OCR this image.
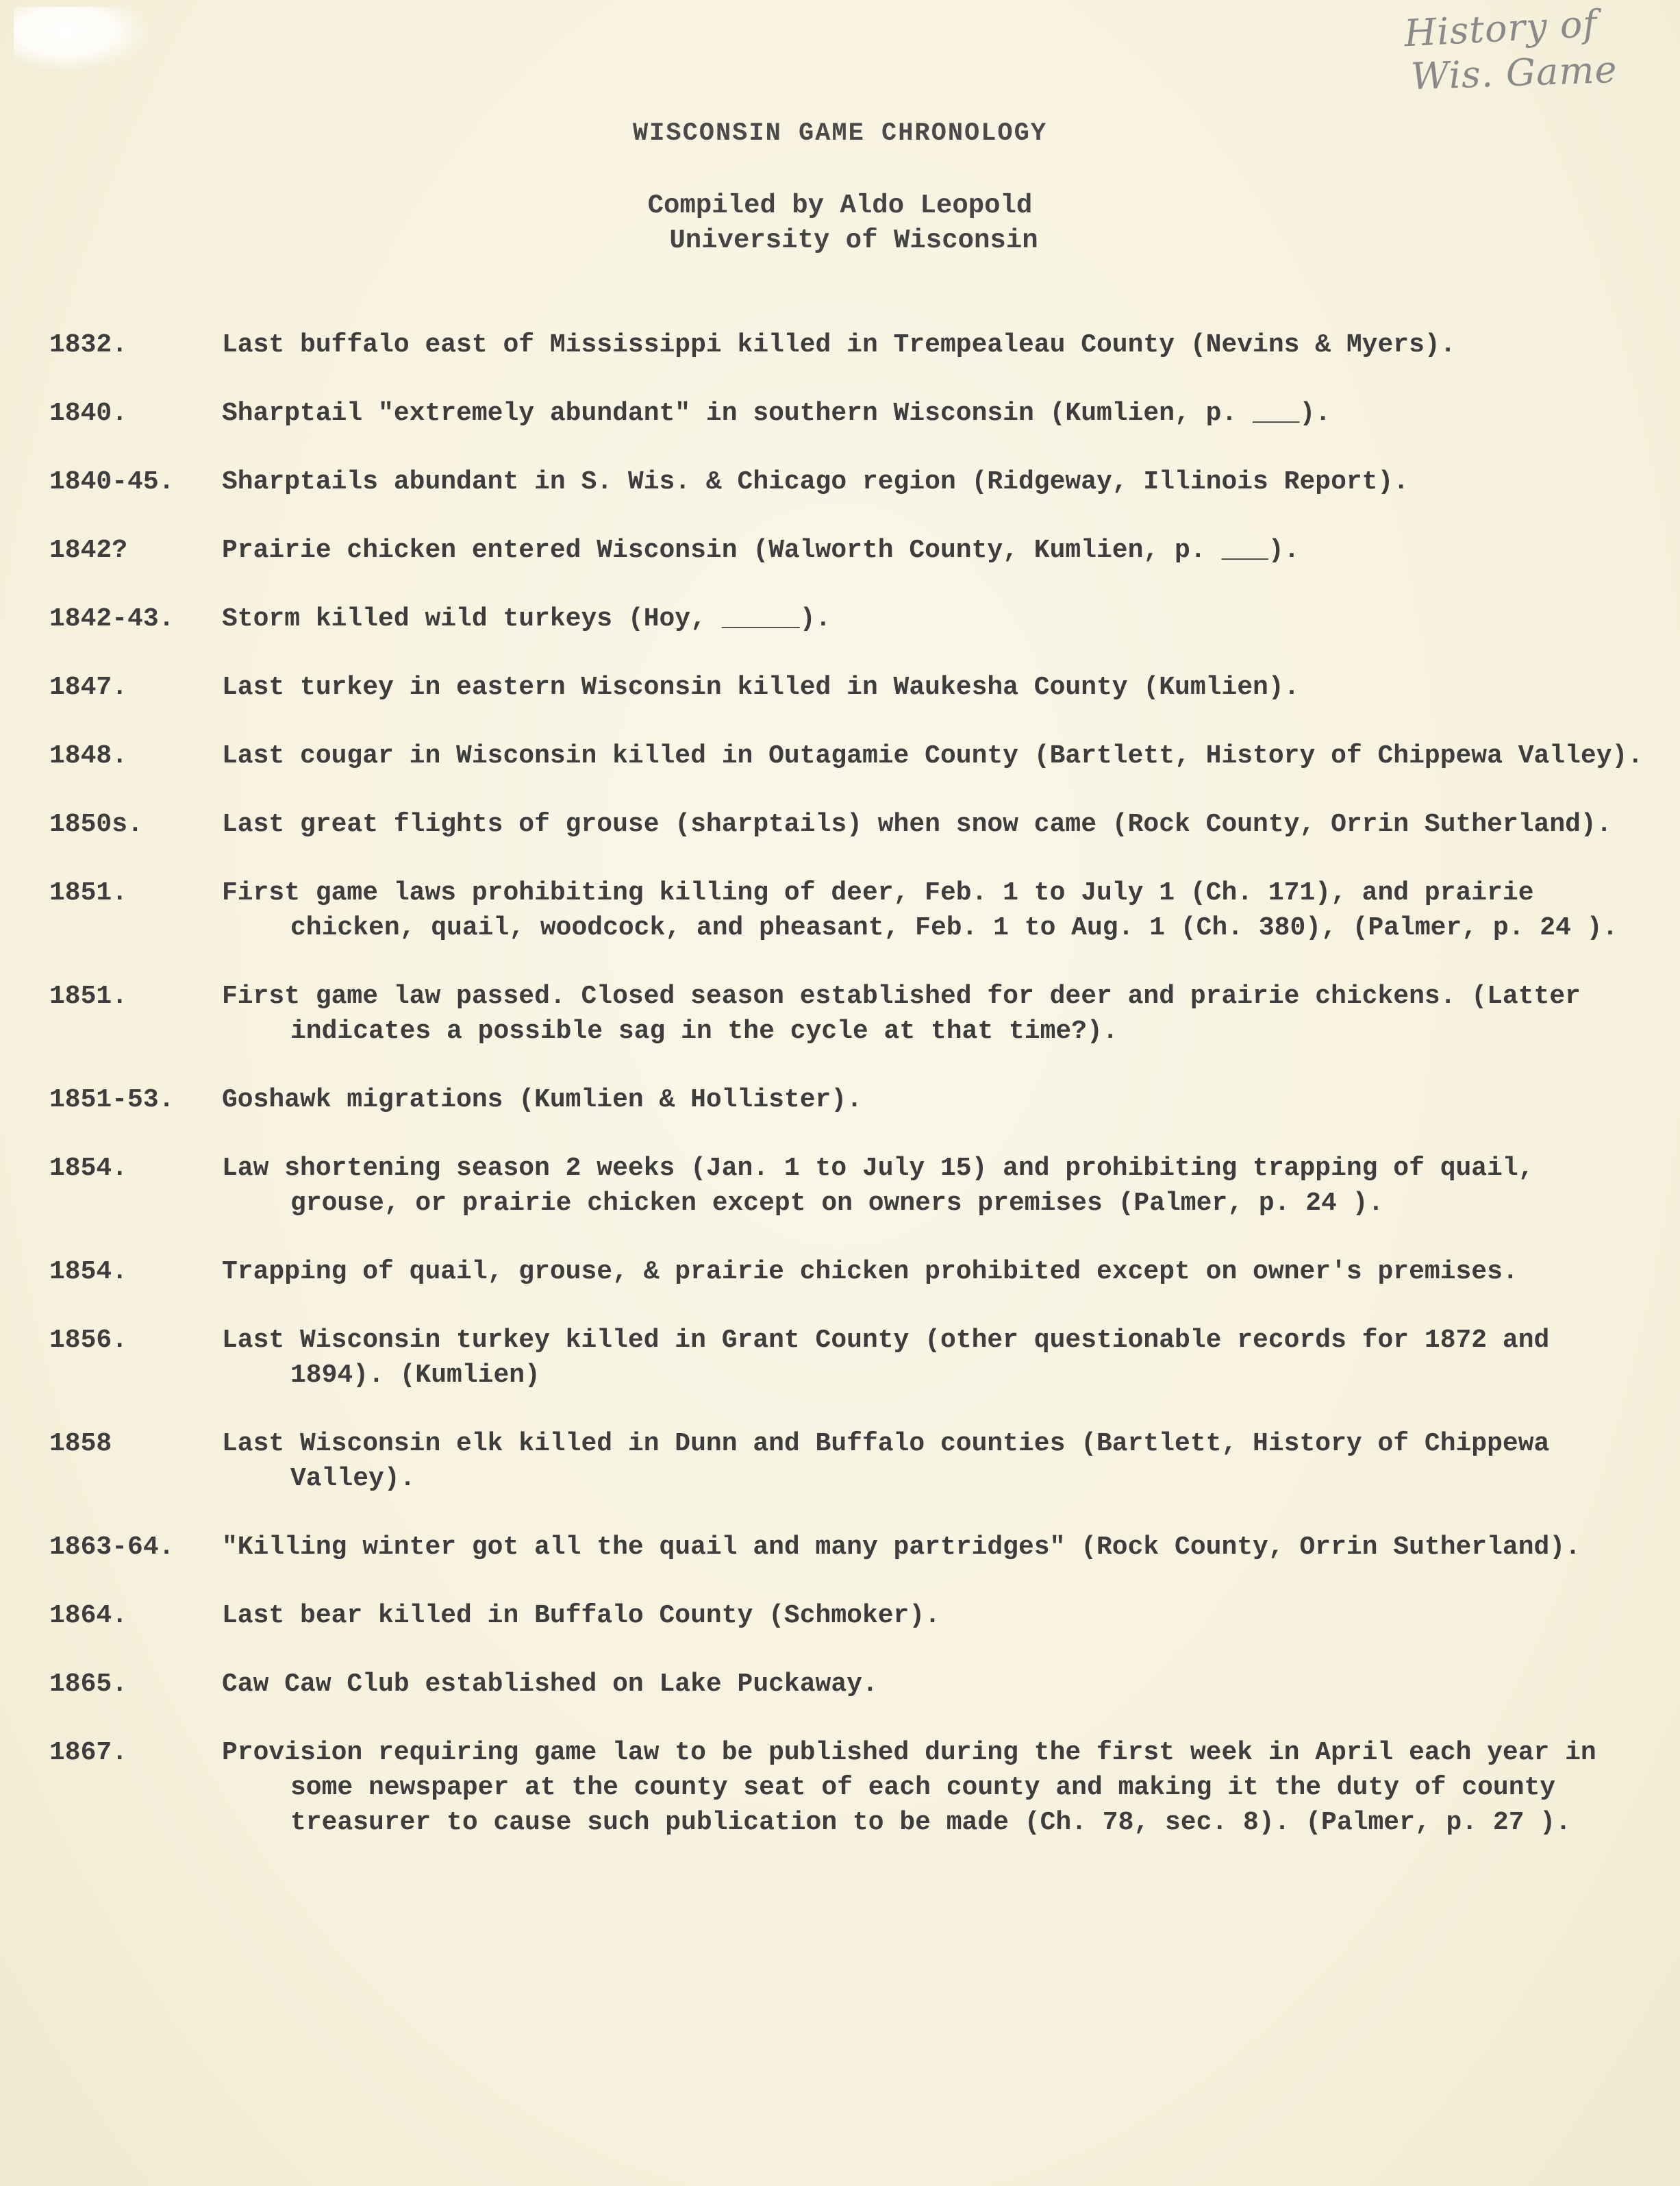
History of
Wis. Game
WISCONSIN GAME CHRONOLOGY

Compiled by Aldo Leopold

University of Wisconsin

1832.	Last buffalo east of Mississippi killed in Trempealeau County (Nevins & Myers).
1840.	Sharptail "extremely abundant" in southern Wisconsin (Kumlien, p. ___).
1840-45.	Sharptails abundant in S. Wis. & Chicago region (Ridgeway, Illinois Report).
1842?	Prairie chicken entered Wisconsin (Walworth County, Kumlien, p. ___).
1842-43.	Storm killed wild turkeys (Hoy, _____).
1847.	Last turkey in eastern Wisconsin killed in Waukesha County (Kumlien).
1848.	Last cougar in Wisconsin killed in Outagamie County (Bartlett, History of Chippewa Valley).
1850s.	Last great flights of grouse (sharptails) when snow came (Rock County, Orrin Sutherland).
1851.	First game laws prohibiting killing of deer, Feb. 1 to July 1 (Ch. 171), and prairie chicken, quail, woodcock, and pheasant, Feb. 1 to Aug. 1 (Ch. 380), (Palmer, p. 24 ).
1851.	First game law passed. Closed season established for deer and prairie chickens. (Latter indicates a possible sag in the cycle at that time?).
1851-53.	Goshawk migrations (Kumlien & Hollister).
1854.	Law shortening season 2 weeks (Jan. 1 to July 15) and prohibiting trapping of quail, grouse, or prairie chicken except on owners premises (Palmer, p. 24 ).
1854.	Trapping of quail, grouse, & prairie chicken prohibited except on owner's premises.
1856.	Last Wisconsin turkey killed in Grant County (other questionable records for 1872 and 1894). (Kumlien)
1858	Last Wisconsin elk killed in Dunn and Buffalo counties (Bartlett, History of Chippewa Valley).
1863-64.	"Killing winter got all the quail and many partridges" (Rock County, Orrin Sutherland).
1864.	Last bear killed in Buffalo County (Schmoker).
1865.	Caw Caw Club established on Lake Puckaway.
1867.	Provision requiring game law to be published during the first week in April each year in some newspaper at the county seat of each county and making it the duty of county treasurer to cause such publication to be made (Ch. 78, sec. 8). (Palmer, p. 27 ).
